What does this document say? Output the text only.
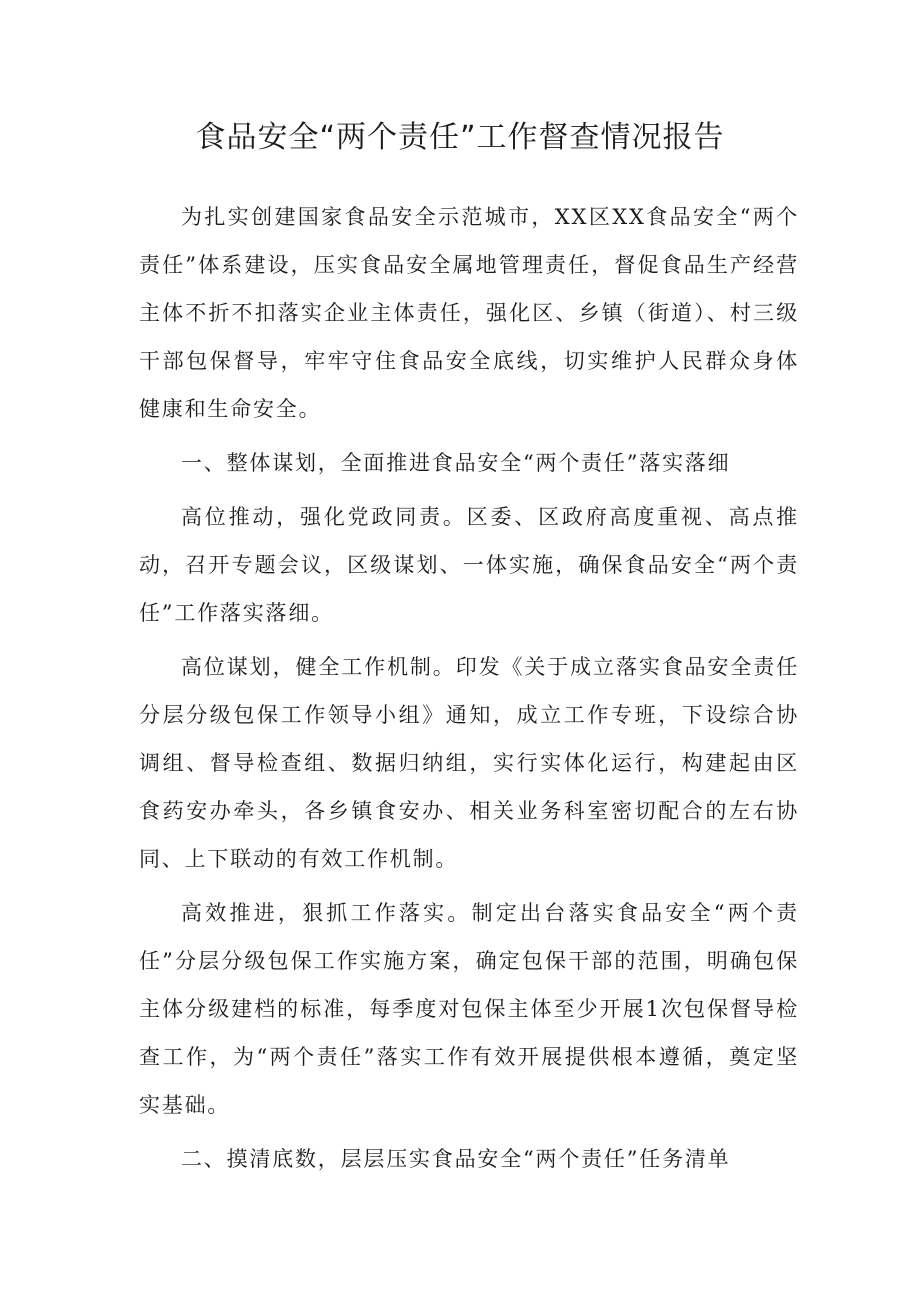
食品安全“两个责任”工作督查情况报告

为扎实创建国家食品安全示范城市，XX区XX食品安全“两个责任”体系建设，压实食品安全属地管理责任，督促食品生产经营主体不折不扣落实企业主体责任，强化区、乡镇（街道）、村三级干部包保督导，牢牢守住食品安全底线，切实维护人民群众身体健康和生命安全。

一、整体谋划，全面推进食品安全“两个责任”落实落细

高位推动，强化党政同责。区委、区政府高度重视、高点推动，召开专题会议，区级谋划、一体实施，确保食品安全“两个责任”工作落实落细。

高位谋划，健全工作机制。印发《关于成立落实食品安全责任分层分级包保工作领导小组》通知，成立工作专班，下设综合协调组、督导检查组、数据归纳组，实行实体化运行，构建起由区食药安办牵头，各乡镇食安办、相关业务科室密切配合的左右协同、上下联动的有效工作机制。

高效推进，狠抓工作落实。制定出台落实食品安全“两个责任”分层分级包保工作实施方案，确定包保干部的范围，明确包保主体分级建档的标准，每季度对包保主体至少开展1次包保督导检查工作，为“两个责任”落实工作有效开展提供根本遵循，奠定坚实基础。

二、摸清底数，层层压实食品安全“两个责任”任务清单
